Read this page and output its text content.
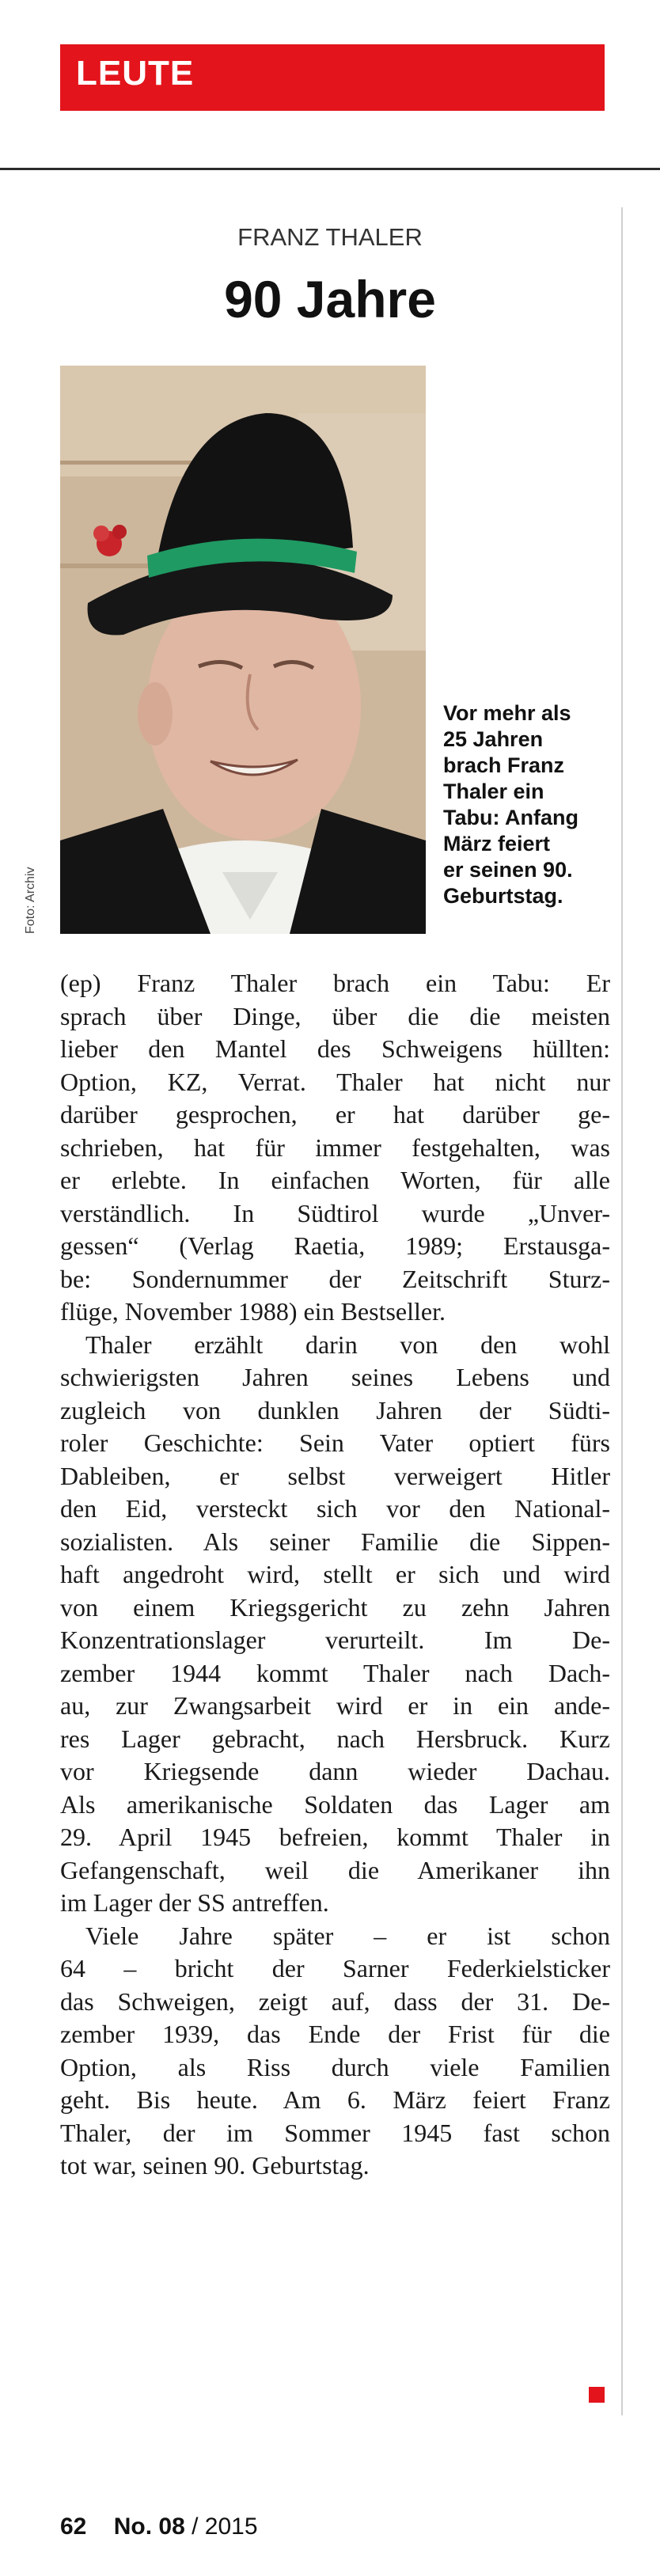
LEUTE
FRANZ THALER
90 Jahre
Foto: Archiv
Vor mehr als
25 Jahren
brach Franz
Thaler ein
Tabu: Anfang
März feiert
er seinen 90.
Geburtstag.
(ep) Franz Thaler brach ein Tabu: Er
sprach über Dinge, über die die meisten
lieber den Mantel des Schweigens hüllten:
Option, KZ, Verrat. Thaler hat nicht nur
darüber gesprochen, er hat darüber ge-
schrieben, hat für immer festgehalten, was
er erlebte. In einfachen Worten, für alle
verständlich. In Südtirol wurde „Unver-
gessen“ (Verlag Raetia, 1989; Erstausga-
be: Sondernummer der Zeitschrift Sturz-
flüge, November 1988) ein Bestseller.
Thaler erzählt darin von den wohl
schwierigsten Jahren seines Lebens und
zugleich von dunklen Jahren der Südti-
roler Geschichte: Sein Vater optiert fürs
Dableiben, er selbst verweigert Hitler
den Eid, versteckt sich vor den National-
sozialisten. Als seiner Familie die Sippen-
haft angedroht wird, stellt er sich und wird
von einem Kriegsgericht zu zehn Jahren
Konzentrationslager verurteilt. Im De-
zember 1944 kommt Thaler nach Dach-
au, zur Zwangsarbeit wird er in ein ande-
res Lager gebracht, nach Hersbruck. Kurz
vor Kriegsende dann wieder Dachau.
Als amerikanische Soldaten das Lager am
29. April 1945 befreien, kommt Thaler in
Gefangenschaft, weil die Amerikaner ihn
im Lager der SS antreffen.
Viele Jahre später – er ist schon
64 – bricht der Sarner Federkielsticker
das Schweigen, zeigt auf, dass der 31. De-
zember 1939, das Ende der Frist für die
Option, als Riss durch viele Familien
geht. Bis heute. Am 6. März feiert Franz
Thaler, der im Sommer 1945 fast schon
tot war, seinen 90. Geburtstag.
62 No. 08 / 2015
